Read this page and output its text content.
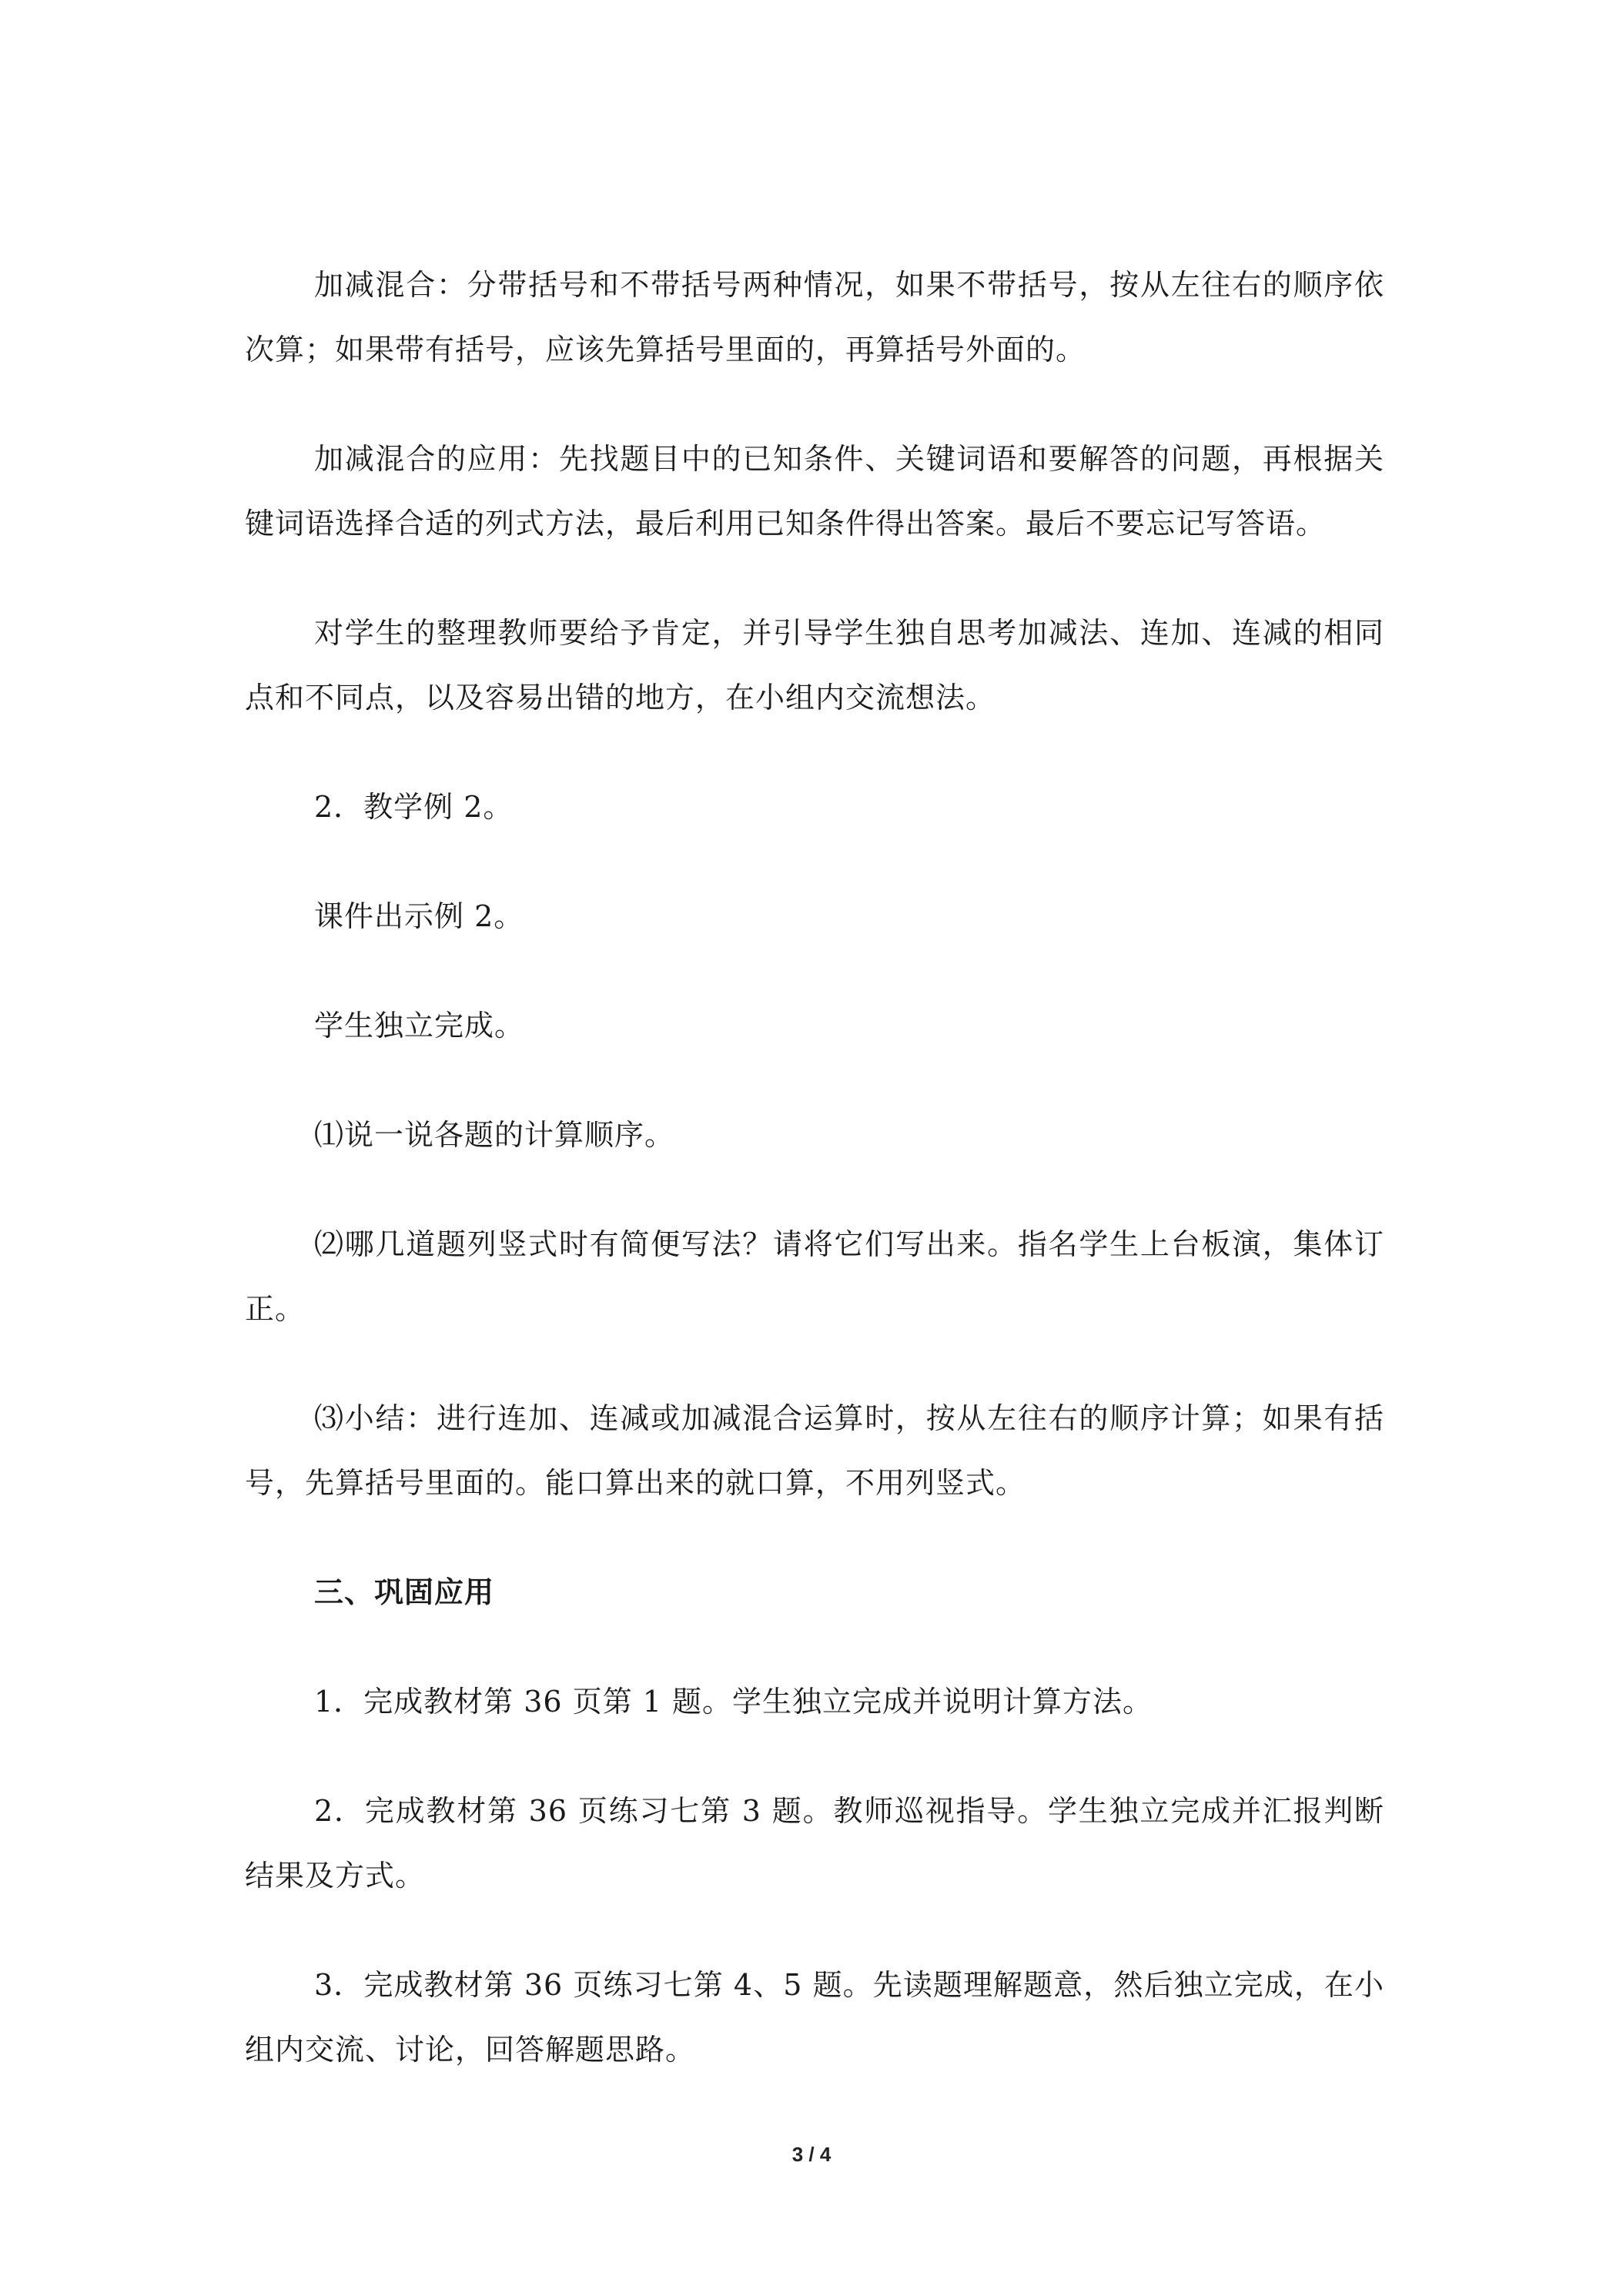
加减混合：分带括号和不带括号两种情况，如果不带括号，按从左往右的顺序依次算；如果带有括号，应该先算括号里面的，再算括号外面的。

加减混合的应用：先找题目中的已知条件、关键词语和要解答的问题，再根据关键词语选择合适的列式方法，最后利用已知条件得出答案。最后不要忘记写答语。

对学生的整理教师要给予肯定，并引导学生独自思考加减法、连加、连减的相同点和不同点，以及容易出错的地方，在小组内交流想法。

2．教学例 2。

课件出示例 2。

学生独立完成。

⑴说一说各题的计算顺序。

⑵哪几道题列竖式时有简便写法？请将它们写出来。指名学生上台板演，集体订正。

⑶小结：进行连加、连减或加减混合运算时，按从左往右的顺序计算；如果有括号，先算括号里面的。能口算出来的就口算，不用列竖式。

三、巩固应用

1．完成教材第 36 页第 1 题。学生独立完成并说明计算方法。

2．完成教材第 36 页练习七第 3 题。教师巡视指导。学生独立完成并汇报判断结果及方式。

3．完成教材第 36 页练习七第 4、5 题。先读题理解题意，然后独立完成，在小组内交流、讨论，回答解题思路。

3 / 4
